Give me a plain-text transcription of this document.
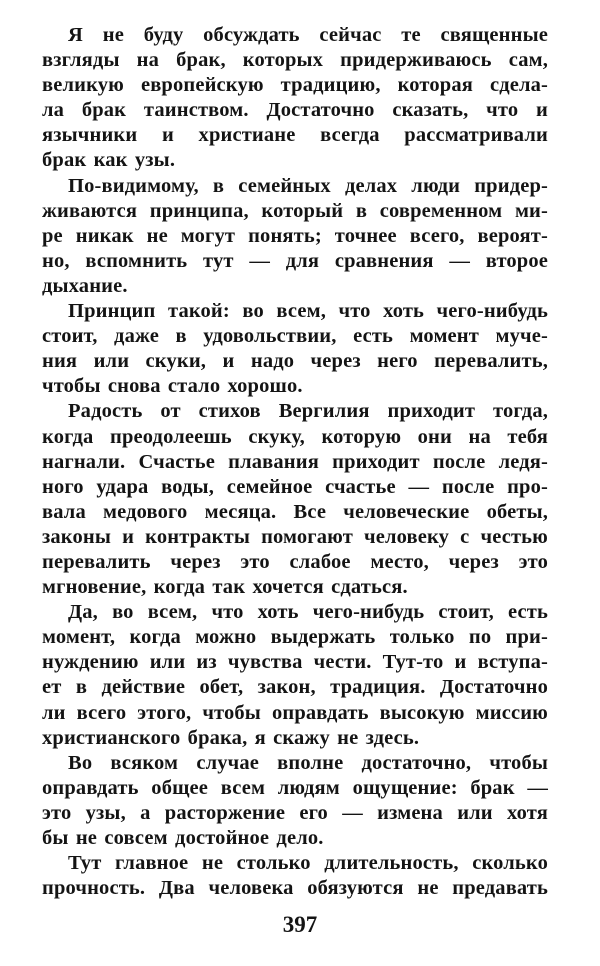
Я не буду обсуждать сейчас те священные
взгляды на брак, которых придерживаюсь сам,
великую европейскую традицию, которая сдела-
ла брак таинством. Достаточно сказать, что и
язычники и христиане всегда рассматривали
брак как узы.
По-видимому, в семейных делах люди придер-
живаются принципа, который в современном ми-
ре никак не могут понять; точнее всего, вероят-
но, вспомнить тут — для сравнения — второе
дыхание.
Принцип такой: во всем, что хоть чего-нибудь
стоит, даже в удовольствии, есть момент муче-
ния или скуки, и надо через него перевалить,
чтобы снова стало хорошо.
Радость от стихов Вергилия приходит тогда,
когда преодолеешь скуку, которую они на тебя
нагнали. Счастье плавания приходит после ледя-
ного удара воды, семейное счастье — после про-
вала медового месяца. Все человеческие обеты,
законы и контракты помогают человеку с честью
перевалить через это слабое место, через это
мгновение, когда так хочется сдаться.
Да, во всем, что хоть чего-нибудь стоит, есть
момент, когда можно выдержать только по при-
нуждению или из чувства чести. Тут-то и вступа-
ет в действие обет, закон, традиция. Достаточно
ли всего этого, чтобы оправдать высокую миссию
христианского брака, я скажу не здесь.
Во всяком случае вполне достаточно, чтобы
оправдать общее всем людям ощущение: брак —
это узы, а расторжение его — измена или хотя
бы не совсем достойное дело.
Тут главное не столько длительность, сколько
прочность. Два человека обязуются не предавать
397
